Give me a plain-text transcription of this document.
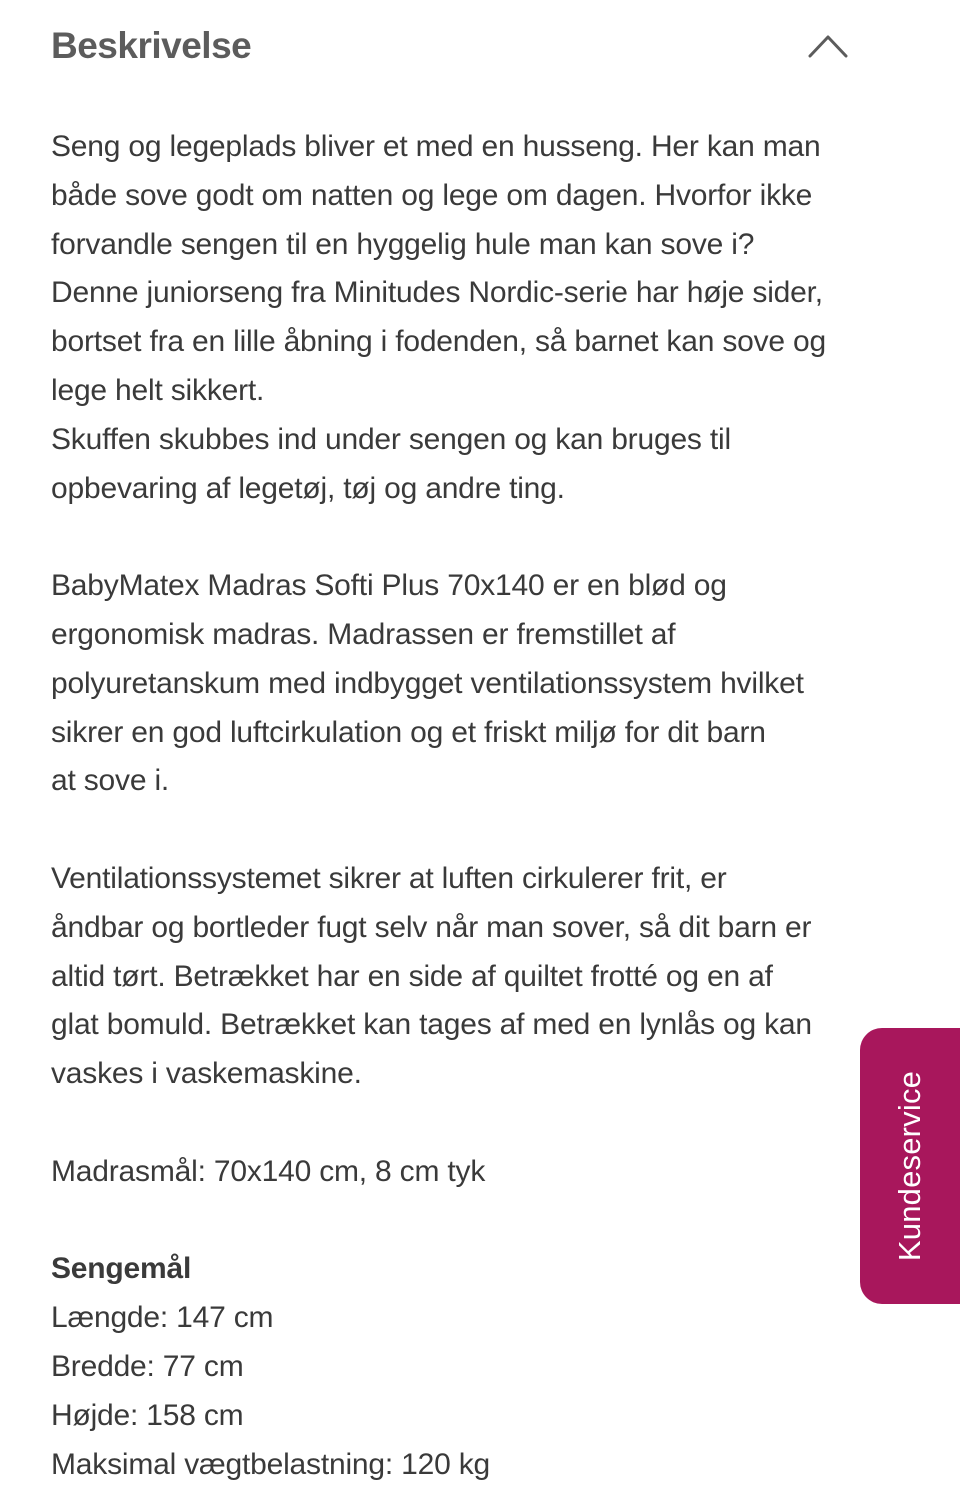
Beskrivelse

Seng og legeplads bliver et med en husseng. Her kan man

både sove godt om natten og lege om dagen. Hvorfor ikke

forvandle sengen til en hyggelig hule man kan sove i?

Denne juniorseng fra Minitudes Nordic-serie har høje sider,

bortset fra en lille åbning i fodenden, så barnet kan sove og

lege helt sikkert.

Skuffen skubbes ind under sengen og kan bruges til

opbevaring af legetøj, tøj og andre ting.

BabyMatex Madras Softi Plus 70x140 er en blød og

ergonomisk madras. Madrassen er fremstillet af

polyuretanskum med indbygget ventilationssystem hvilket

sikrer en god luftcirkulation og et friskt miljø for dit barn

at sove i.

Ventilationssystemet sikrer at luften cirkulerer frit, er

åndbar og bortleder fugt selv når man sover, så dit barn er

altid tørt. Betrækket har en side af quiltet frotté og en af

glat bomuld. Betrækket kan tages af med en lynlås og kan

vaskes i vaskemaskine.

Madrasmål: 70x140 cm, 8 cm tyk

Sengemål

Længde: 147 cm

Bredde: 77 cm

Højde: 158 cm

Maksimal vægtbelastning: 120 kg

Kundeservice
